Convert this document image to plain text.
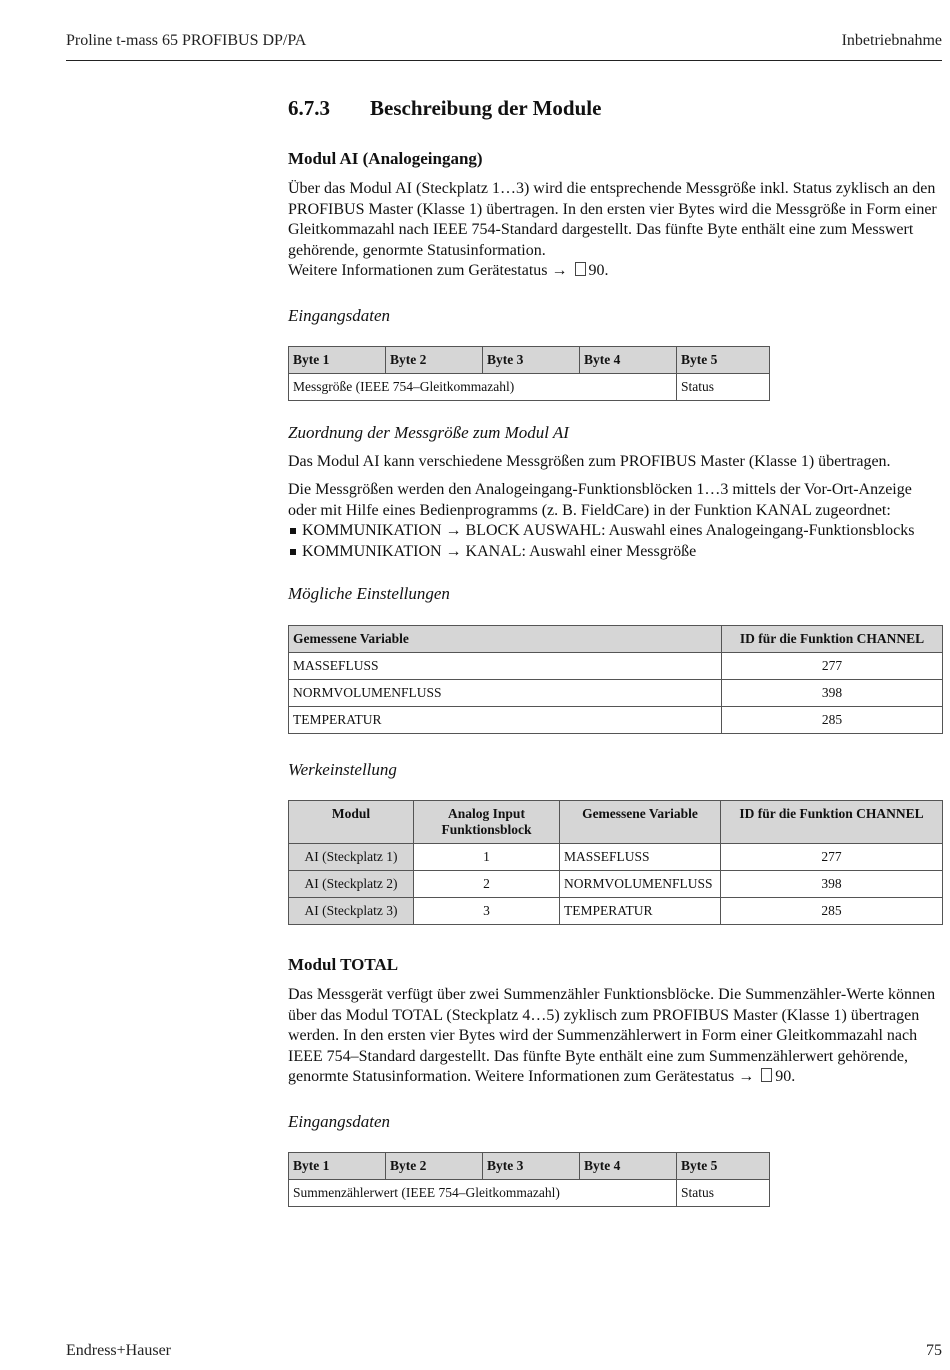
Proline t-mass 65 PROFIBUS DP/PA	Inbetriebnahme
6.7.3 Beschreibung der Module
Modul AI (Analogeingang)

Über das Modul AI (Steckplatz 1…3) wird die entsprechende Messgröße inkl. Status zyklisch an den PROFIBUS Master (Klasse 1) übertragen. In den ersten vier Bytes wird die Messgröße in Form einer Gleitkommazahl nach IEEE 754-Standard dargestellt. Das fünfte Byte enthält eine zum Messwert gehörende, genormte Statusinformation.

Weitere Informationen zum Gerätestatus → 90.

Eingangsdaten

Byte 1	Byte 2	Byte 3	Byte 4	Byte 5
Messgröße (IEEE 754–Gleitkommazahl)				Status

Zuordnung der Messgröße zum Modul AI

Das Modul AI kann verschiedene Messgrößen zum PROFIBUS Master (Klasse 1) übertragen.

Die Messgrößen werden den Analogeingang-Funktionsblöcken 1…3 mittels der Vor-Ort-Anzeige oder mit Hilfe eines Bedienprogramms (z. B. FieldCare) in der Funktion KANAL zugeordnet:

KOMMUNIKATION → BLOCK AUSWAHL: Auswahl eines Analogeingang-Funktionsblocks
KOMMUNIKATION → KANAL: Auswahl einer Messgröße

Mögliche Einstellungen

Gemessene Variable	ID für die Funktion CHANNEL
MASSEFLUSS	277
NORMVOLUMENFLUSS	398
TEMPERATUR	285

Werkeinstellung

Modul	Analog Input Funktionsblock	Gemessene Variable	ID für die Funktion CHANNEL
AI (Steckplatz 1)	1	MASSEFLUSS	277
AI (Steckplatz 2)	2	NORMVOLUMENFLUSS	398
AI (Steckplatz 3)	3	TEMPERATUR	285
Modul TOTAL

Das Messgerät verfügt über zwei Summenzähler Funktionsblöcke. Die Summenzähler-Werte können über das Modul TOTAL (Steckplatz 4…5) zyklisch zum PROFIBUS Master (Klasse 1) übertragen werden. In den ersten vier Bytes wird der Summenzählerwert in Form einer Gleitkommazahl nach IEEE 754–Standard dargestellt. Das fünfte Byte enthält eine zum Summenzählerwert gehörende, genormte Statusinformation. Weitere Informationen zum Gerätestatus → 90.

Eingangsdaten

Byte 1	Byte 2	Byte 3	Byte 4	Byte 5
Summenzählerwert (IEEE 754–Gleitkommazahl)				Status
Endress+Hauser	75
